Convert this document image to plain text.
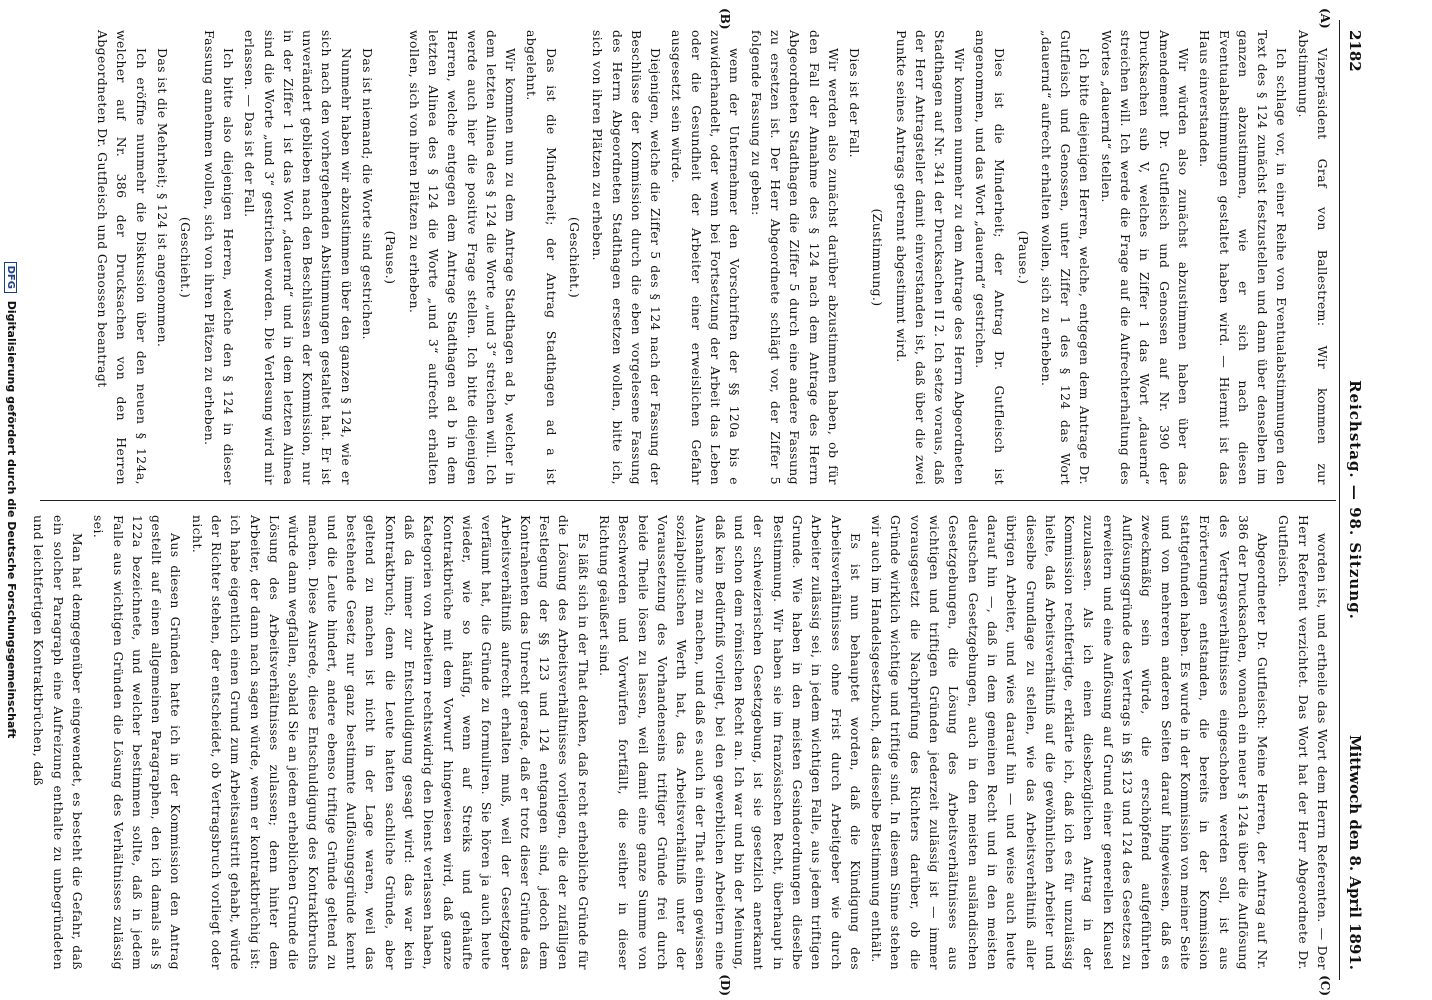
2182
Reichstag. — 98. Sitzung.
Mittwoch den 8. April 1891.
(A)
(B)
(C)
(D)

Vizepräsident Graf von Ballestrem: Wir kommen zur Abstimmung.

Ich schlage vor, in einer Reihe von Eventualabstimmungen den Text des § 124 zunächst festzustellen und dann über denselben im ganzen abzustimmen, wie er sich nach diesen Eventualabstimmungen gestaltet haben wird. — Hiermit ist das Haus einverstanden.

Wir würden also zunächst abzustimmen haben über das Amendement Dr. Gutfleisch und Genossen auf Nr. 390 der Drucksachen sub V, welches in Ziffer 1 das Wort „dauernd“ streichen will. Ich werde die Frage auf die Aufrechterhaltung des Wortes „dauernd“ stellen.

Ich bitte diejenigen Herren, welche, entgegen dem Antrage Dr. Gutfleisch und Genossen, unter Ziffer 1 des § 124 das Wort „dauernd“ aufrecht erhalten wollen, sich zu erheben.

(Pause.)

Dies ist die Minderheit; der Antrag Dr. Gutfleisch ist angenommen, und das Wort „dauernd“ gestrichen.

Wir kommen nunmehr zu dem Antrage des Herrn Abgeordneten Stadthagen auf Nr. 341 der Drucksachen II 2. Ich setze voraus, daß der Herr Antragsteller damit einverstanden ist, daß über die zwei Punkte seines Antrags getrennt abgestimmt wird.

(Zustimmung.)

Dies ist der Fall.

Wir werden also zunächst darüber abzustimmen haben, ob für den Fall der Annahme des § 124 nach dem Antrage des Herrn Abgeordneten Stadthagen die Ziffer 5 durch eine andere Fassung zu ersetzen ist. Der Herr Abgeordnete schlägt vor, der Ziffer 5 folgende Fassung zu geben:

wenn der Unternehmer den Vorschriften der §§ 120a bis e zuwiderhandelt, oder wenn bei Fortsetzung der Arbeit das Leben oder die Gesundheit der Arbeiter einer erweislichen Gefahr ausgesetzt sein würde.

Diejenigen, welche die Ziffer 5 des § 124 nach der Fassung der Beschlüsse der Kommission durch die eben vorgelesene Fassung des Herrn Abgeordneten Stadthagen ersetzen wollen, bitte ich, sich von ihren Plätzen zu erheben.

(Geschieht.)

Das ist die Minderheit; der Antrag Stadthagen ad a ist abgelehnt.

Wir kommen nun zu dem Antrage Stadthagen ad b, welcher in dem letzten Alinea des § 124 die Worte „und 3“ streichen will. Ich werde auch hier die positive Frage stellen. Ich bitte diejenigen Herren, welche entgegen dem Antrage Stadthagen ad b in dem letzten Alinea des § 124 die Worte „und 3“ aufrecht erhalten wollen, sich von ihren Plätzen zu erheben.

(Pause.)

Das ist niemand; die Worte sind gestrichen.

Nunmehr haben wir abzustimmen über den ganzen § 124, wie er sich nach den vorhergehenden Abstimmungen gestaltet hat. Er ist unverändert geblieben nach den Beschlüssen der Kommission, nur in der Ziffer 1 ist das Wort „dauernd“ und in dem letzten Alinea sind die Worte „und 3“ gestrichen worden. Die Verlesung wird mir erlassen. — Das ist der Fall.

Ich bitte also diejenigen Herren, welche den § 124 in dieser Fassung annehmen wollen, sich von ihren Plätzen zu erheben.

(Geschieht.)

Das ist die Mehrheit; § 124 ist angenommen.

Ich eröffne nunmehr die Diskussion über den neuen § 124a, welcher auf Nr. 386 der Drucksachen von den Herren Abgeordneten Dr. Gutfleisch und Genossen beantragt

worden ist, und ertheile das Wort dem Herrn Referenten. — Der Herr Referent verzichtet. Das Wort hat der Herr Abgeordnete Dr. Gutfleisch.

Abgeordneter Dr. Gutfleisch: Meine Herren, der Antrag auf Nr. 386 der Drucksachen, wonach ein neuer § 124a über die Auflösung des Vertragsverhältnisses eingeschoben werden soll, ist aus Erörterungen entstanden, die bereits in der Kommission stattgefunden haben. Es wurde in der Kommission von meiner Seite und von mehreren anderen Seiten darauf hingewiesen, daß es zweckmäßig sein würde, die erschöpfend aufgeführten Auflösungsgründe des Vertrags in §§ 123 und 124 des Gesetzes zu erweitern und eine Auflösung auf Grund einer generellen Klausel zuzulassen. Als ich einen diesbezüglichen Antrag in der Kommission rechtfertigte, erklärte ich, daß ich es für unzulässig hielte, daß Arbeitsverhältniß auf die gewöhnlichen Arbeiter und dieselbe Grundlage zu stellen, wie das Arbeitsverhältniß aller übrigen Arbeiter, und wies darauf hin — und weise auch heute darauf hin —, daß in dem gemeinen Recht und in den meisten deutschen Gesetzgebungen, auch in den meisten ausländischen Gesetzgebungen, die Lösung des Arbeitsverhältnisses aus wichtigen und triftigen Gründen jederzeit zulässig ist — immer vorausgesetzt die Nachprüfung des Richters darüber, ob die Gründe wirklich wichtige und triftige sind. In diesem Sinne stehen wir auch im Handelsgesetzbuch, das dieselbe Bestimmung enthält.

Es ist nun behauptet worden, daß die Kündigung des Arbeitsverhältnisses ohne Frist durch Arbeitgeber wie durch Arbeiter zulässig sei, in jedem wichtigen Falle, aus jedem triftigen Grunde. Wie haben in den meisten Gesindeordnungen dieselbe Bestimmung. Wir haben sie im französischen Recht, überhaupt in der schweizerischen Gesetzgebung, ist sie gesetzlich anerkannt und schon dem römischen Recht an. Ich war und bin der Meinung, daß kein Bedürfniß vorliegt, bei den gewerblichen Arbeitern eine Ausnahme zu machen, und daß es auch in der That einen gewissen sozialpolitischen Werth hat, das Arbeitsverhältniß unter der Voraussetzung des Vorhandenseins triftiger Gründe frei durch beide Theile lösen zu lassen, weil damit eine ganze Summe von Beschwerden und Vorwürfen fortfällt, die seither in dieser Richtung geäußert sind.

Es läßt sich in der That denken, daß recht erhebliche Gründe für die Lösung des Arbeitsverhältnisses vorliegen, die der zufälligen Festlegung der §§ 123 und 124 entgangen sind, jedoch dem Kontrahenten das Unrecht gerade, daß er trotz dieser Gründe das Arbeitsverhältniß aufrecht erhalten muß, weil der Gesetzgeber verfäumt hat, die Gründe zu formuliren. Sie hören ja auch heute wieder, wie so häufig, wenn auf Streiks und gehäufte Kontraktbrüche mit dem Vorwurf hingewiesen wird, daß ganze Kategorien von Arbeitern rechtswidrig den Dienst verlassen haben, daß da immer zur Entschuldigung gesagt wird: das war kein Kontraktbruch; denn die Leute hatten sachliche Gründe, aber geltend zu machen ist nicht in der Lage waren, weil das bestehende Gesetz nur ganz bestimmte Auflösungsgründe kennt und die Leute hindert, andere ebenso triftige Gründe geltend zu machen. Diese Ausrede, diese Entschuldigung des Kontraktbruchs würde dann wegfallen, sobald Sie an jedem erheblichen Grunde die Lösung des Arbeitsverhältnisses zulassen; denn hinter dem Arbeiter, der dann nach sagen würde, wenn er kontraktbrüchig ist: ich habe eigentlich einen Grund zum Arbeitsaustritt gehabt, würde der Richter stehen, der entscheidet, ob Vertragsbruch vorliegt oder nicht.

Aus diesen Gründen hatte ich in der Kommission den Antrag gestellt auf einen allgemeinen Paragraphen, den ich damals als § 122a bezeichnete, und welcher bestimmen sollte, daß in jedem Falle aus wichtigen Gründen die Lösung des Verhältnisses zulässig sei.

Man hat demgegenüber eingewendet, es besteht die Gefahr, daß ein solcher Paragraph eine Aufreizung enthalte zu unbegründeten und leichtfertigen Kontraktbrüchen, daß

DFG Digitalisierung gefördert durch die Deutsche Forschungsgemeinschaft
